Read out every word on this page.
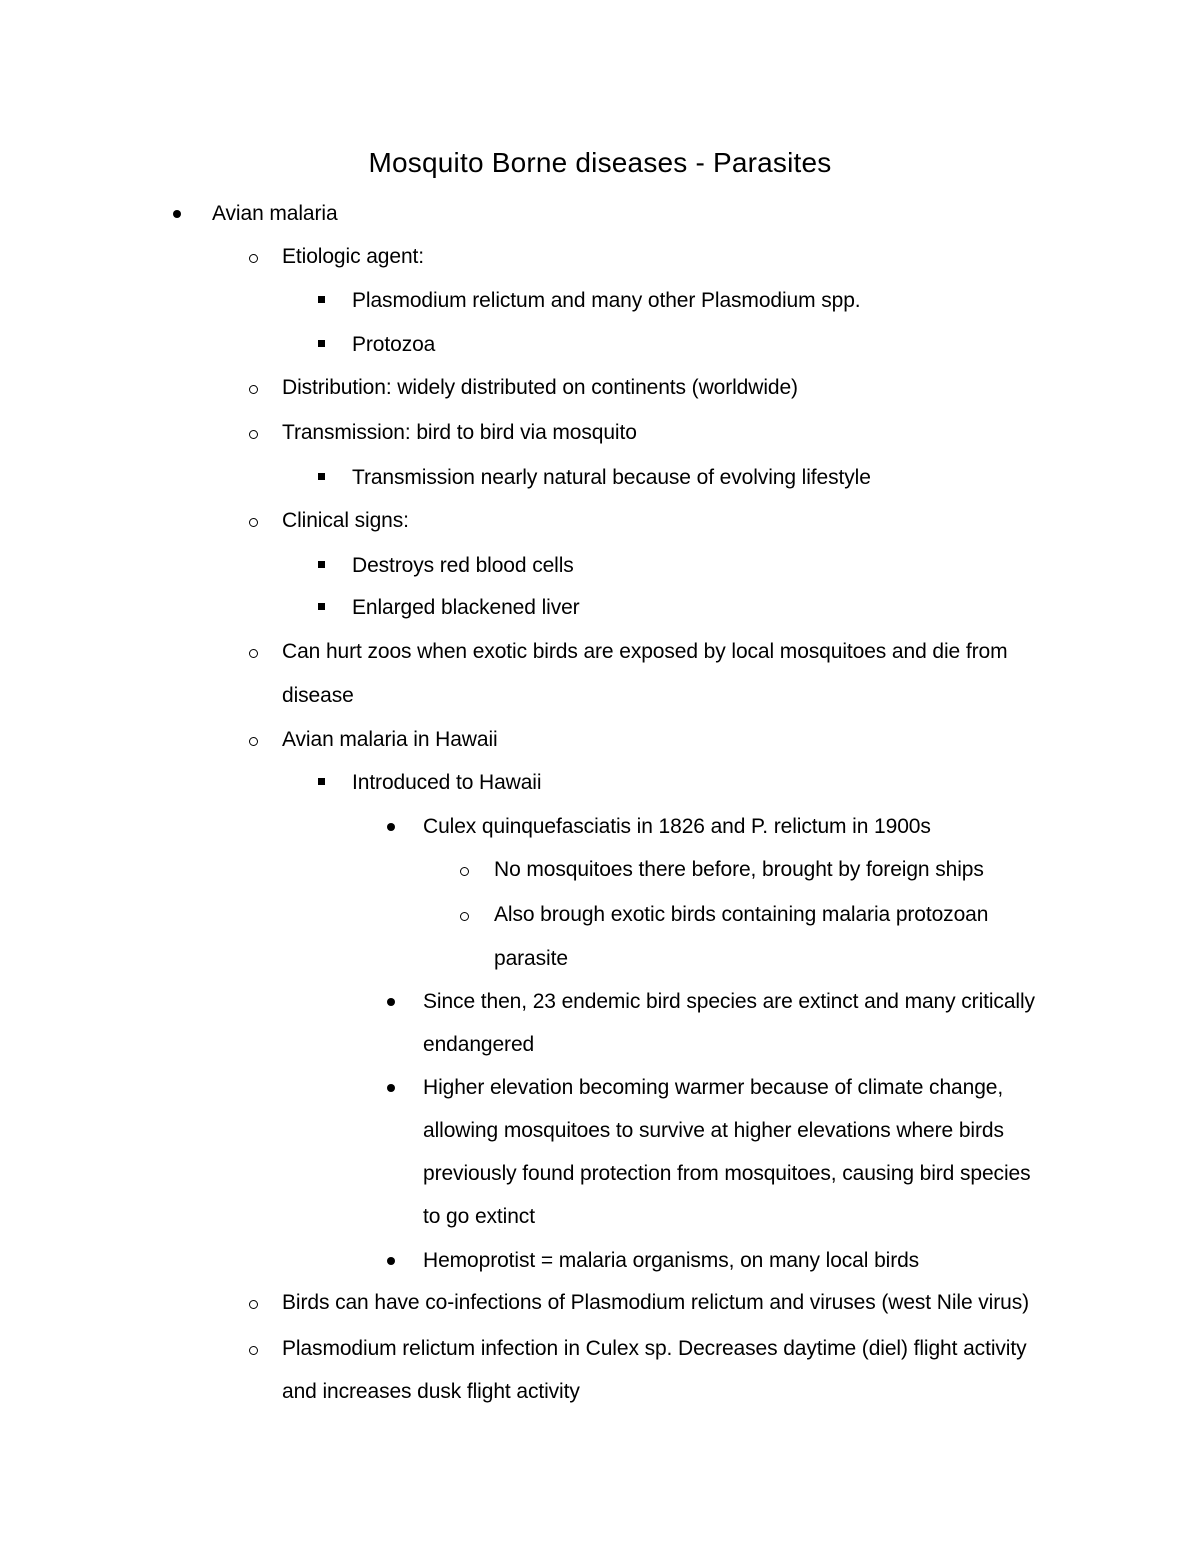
Mosquito Borne diseases - Parasites
Avian malaria
Etiologic agent:
Plasmodium relictum and many other Plasmodium spp.
Protozoa
Distribution: widely distributed on continents (worldwide)
Transmission: bird to bird via mosquito
Transmission nearly natural because of evolving lifestyle
Clinical signs:
Destroys red blood cells
Enlarged blackened liver
Can hurt zoos when exotic birds are exposed by local mosquitoes and die from
disease
Avian malaria in Hawaii
Introduced to Hawaii
Culex quinquefasciatis in 1826 and P. relictum in 1900s
No mosquitoes there before, brought by foreign ships
Also brough exotic birds containing malaria protozoan
parasite
Since then, 23 endemic bird species are extinct and many critically
endangered
Higher elevation becoming warmer because of climate change,
allowing mosquitoes to survive at higher elevations where birds
previously found protection from mosquitoes, causing bird species
to go extinct
Hemoprotist = malaria organisms, on many local birds
Birds can have co-infections of Plasmodium relictum and viruses (west Nile virus)
Plasmodium relictum infection in Culex sp. Decreases daytime (diel) flight activity
and increases dusk flight activity
